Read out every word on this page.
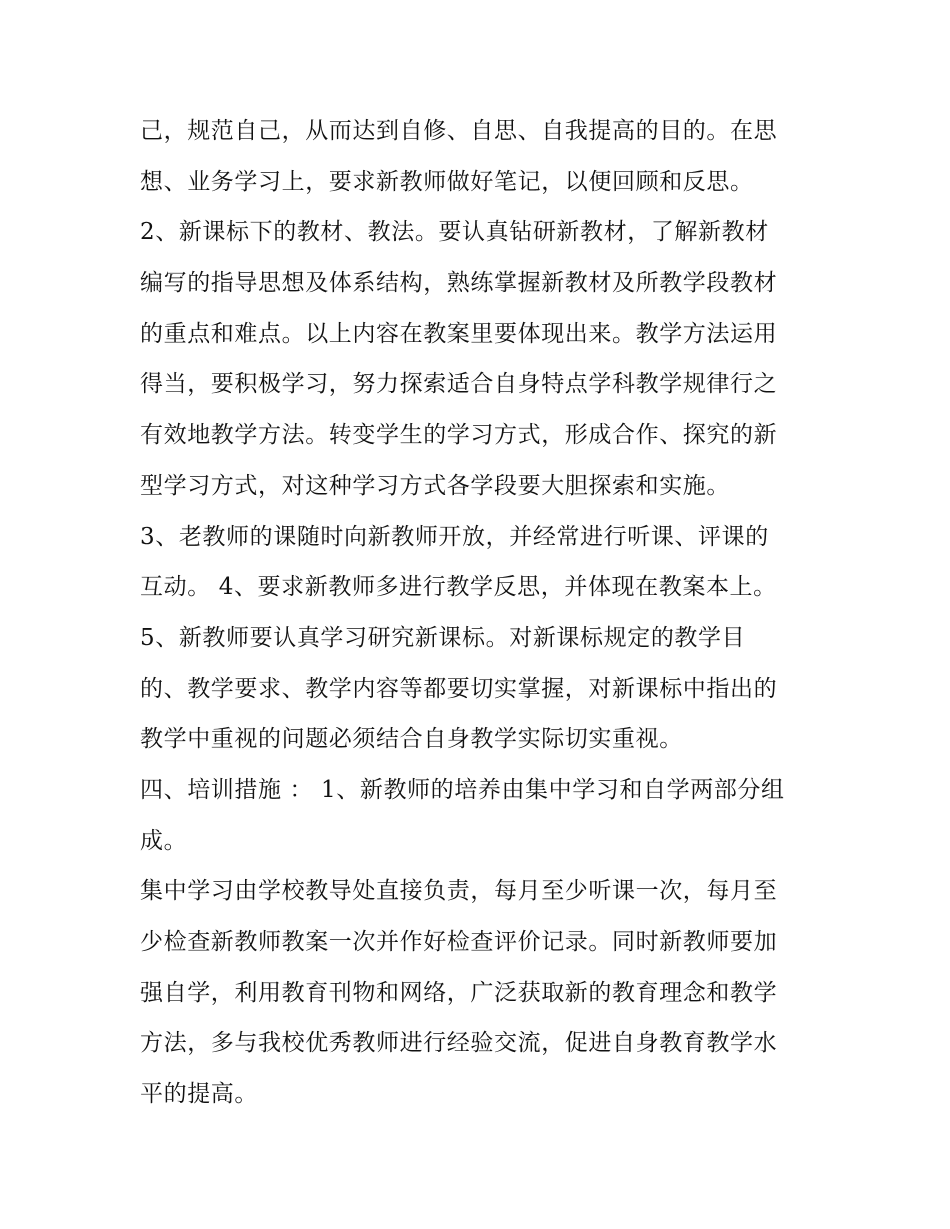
己，规范自己，从而达到自修、自思、自我提高的目的。在思
想、业务学习上，要求新教师做好笔记，以便回顾和反思。
2、新课标下的教材、教法。要认真钻研新教材，了解新教材
编写的指导思想及体系结构，熟练掌握新教材及所教学段教材
的重点和难点。以上内容在教案里要体现出来。教学方法运用
得当，要积极学习，努力探索适合自身特点学科教学规律行之
有效地教学方法。转变学生的学习方式，形成合作、探究的新
型学习方式，对这种学习方式各学段要大胆探索和实施。
3、老教师的课随时向新教师开放，并经常进行听课、评课的
互动。 4、要求新教师多进行教学反思，并体现在教案本上。
5、新教师要认真学习研究新课标。对新课标规定的教学目
的、教学要求、教学内容等都要切实掌握，对新课标中指出的
教学中重视的问题必须结合自身教学实际切实重视。
四、培训措施 ： 1、新教师的培养由集中学习和自学两部分组
成。
集中学习由学校教导处直接负责，每月至少听课一次，每月至
少检查新教师教案一次并作好检查评价记录。同时新教师要加
强自学，利用教育刊物和网络，广泛获取新的教育理念和教学
方法，多与我校优秀教师进行经验交流，促进自身教育教学水
平的提高。
